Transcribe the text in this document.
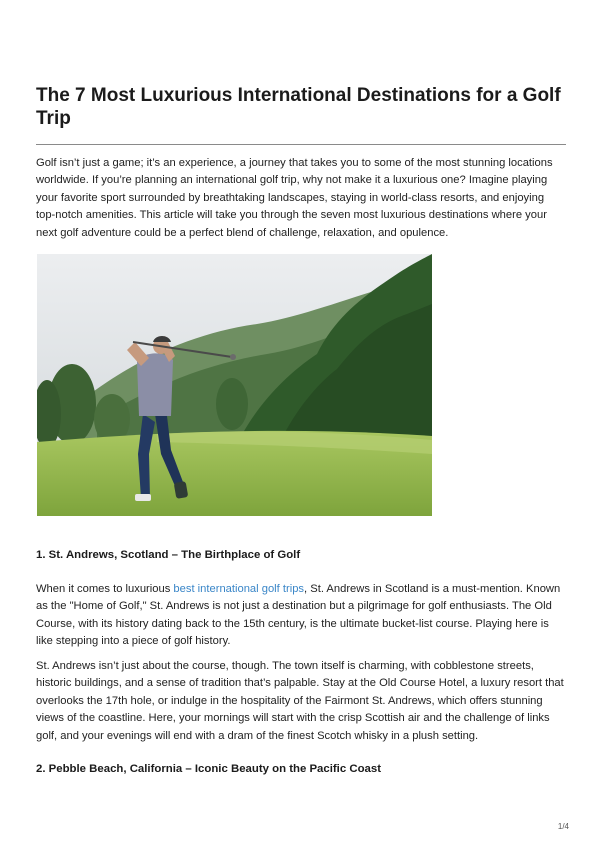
The 7 Most Luxurious International Destinations for a Golf Trip

Golf isn’t just a game; it’s an experience, a journey that takes you to some of the most stunning locations worldwide. If you’re planning an international golf trip, why not make it a luxurious one? Imagine playing your favorite sport surrounded by breathtaking landscapes, staying in world-class resorts, and enjoying top-notch amenities. This article will take you through the seven most luxurious destinations where your next golf adventure could be a perfect blend of challenge, relaxation, and opulence.

1. St. Andrews, Scotland – The Birthplace of Golf

When it comes to luxurious best international golf trips, St. Andrews in Scotland is a must-mention. Known as the "Home of Golf," St. Andrews is not just a destination but a pilgrimage for golf enthusiasts. The Old Course, with its history dating back to the 15th century, is the ultimate bucket-list course. Playing here is like stepping into a piece of golf history.

St. Andrews isn’t just about the course, though. The town itself is charming, with cobblestone streets, historic buildings, and a sense of tradition that’s palpable. Stay at the Old Course Hotel, a luxury resort that overlooks the 17th hole, or indulge in the hospitality of the Fairmont St. Andrews, which offers stunning views of the coastline. Here, your mornings will start with the crisp Scottish air and the challenge of links golf, and your evenings will end with a dram of the finest Scotch whisky in a plush setting.

2. Pebble Beach, California – Iconic Beauty on the Pacific Coast
1/4
